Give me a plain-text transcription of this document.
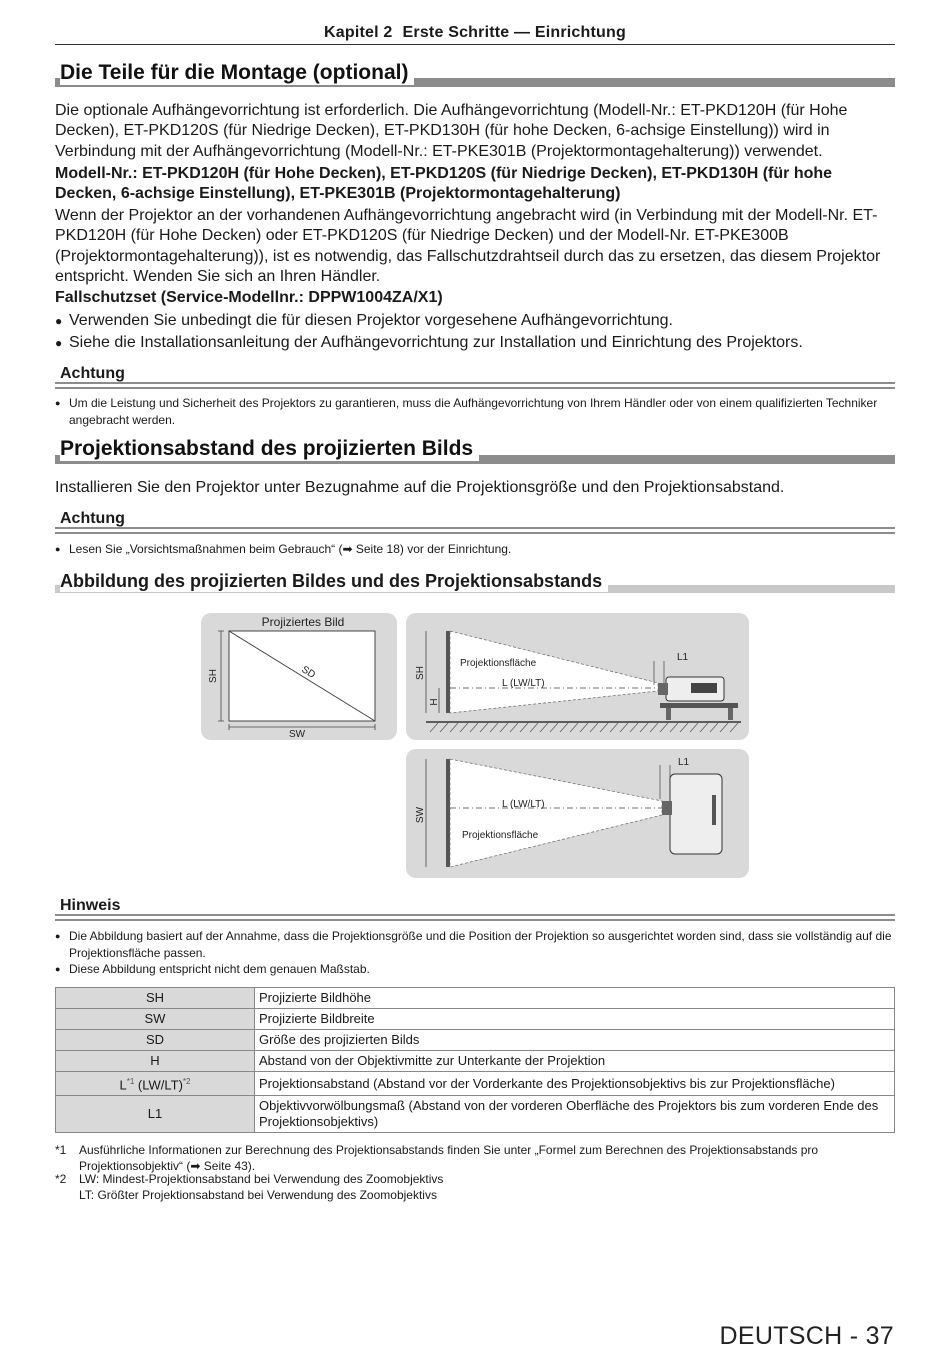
Kapitel 2 Erste Schritte — Einrichtung
Die Teile für die Montage (optional)
Die optionale Aufhängevorrichtung ist erforderlich. Die Aufhängevorrichtung (Modell-Nr.: ET-PKD120H (für Hohe Decken), ET-PKD120S (für Niedrige Decken), ET-PKD130H (für hohe Decken, 6-achsige Einstellung)) wird in Verbindung mit der Aufhängevorrichtung (Modell-Nr.: ET-PKE301B (Projektormontagehalterung)) verwendet.
Modell-Nr.: ET-PKD120H (für Hohe Decken), ET-PKD120S (für Niedrige Decken), ET-PKD130H (für hohe Decken, 6-achsige Einstellung), ET-PKE301B (Projektormontagehalterung)
Wenn der Projektor an der vorhandenen Aufhängevorrichtung angebracht wird (in Verbindung mit der Modell-Nr. ET-PKD120H (für Hohe Decken) oder ET-PKD120S (für Niedrige Decken) und der Modell-Nr. ET-PKE300B (Projektormontagehalterung)), ist es notwendig, das Fallschutzdrahtseil durch das zu ersetzen, das diesem Projektor entspricht. Wenden Sie sich an Ihren Händler.
Fallschutzset (Service-Modellnr.: DPPW1004ZA/X1)
● Verwenden Sie unbedingt die für diesen Projektor vorgesehene Aufhängevorrichtung.
● Siehe die Installationsanleitung der Aufhängevorrichtung zur Installation und Einrichtung des Projektors.
Achtung
● Um die Leistung und Sicherheit des Projektors zu garantieren, muss die Aufhängevorrichtung von Ihrem Händler oder von einem qualifizierten Techniker angebracht werden.
Projektionsabstand des projizierten Bilds
Installieren Sie den Projektor unter Bezugnahme auf die Projektionsgröße und den Projektionsabstand.
Achtung
● Lesen Sie „Vorsichtsmaßnahmen beim Gebrauch“ (➡ Seite 18) vor der Einrichtung.
Abbildung des projizierten Bildes und des Projektionsabstands
Projiziertes Bild
SD
SH
SW
SH
H
Projektionsfläche
L (LW/LT)
L1
SW
L (LW/LT)
Projektionsfläche
L1
Hinweis
● Die Abbildung basiert auf der Annahme, dass die Projektionsgröße und die Position der Projektion so ausgerichtet worden sind, dass sie vollständig auf die Projektionsfläche passen.
● Diese Abbildung entspricht nicht dem genauen Maßstab.
SH	Projizierte Bildhöhe
SW	Projizierte Bildbreite
SD	Größe des projizierten Bilds
H	Abstand von der Objektivmitte zur Unterkante der Projektion
$L^{*1}$ $(LW/LT)^{*2}$	Projektionsabstand (Abstand vor der Vorderkante des Projektionsobjektivs bis zur Projektionsfläche)
L1	Objektivvorwölbungsmaß (Abstand von der vorderen Oberfläche des Projektors bis zum vorderen Ende des Projektionsobjektivs)
*1 Ausführliche Informationen zur Berechnung des Projektionsabstands finden Sie unter „Formel zum Berechnen des Projektionsabstands pro Projektionsobjektiv“ (➡ Seite 43).
*2 LW: Mindest-Projektionsabstand bei Verwendung des Zoomobjektivs
LT: Größter Projektionsabstand bei Verwendung des Zoomobjektivs
DEUTSCH - 37
